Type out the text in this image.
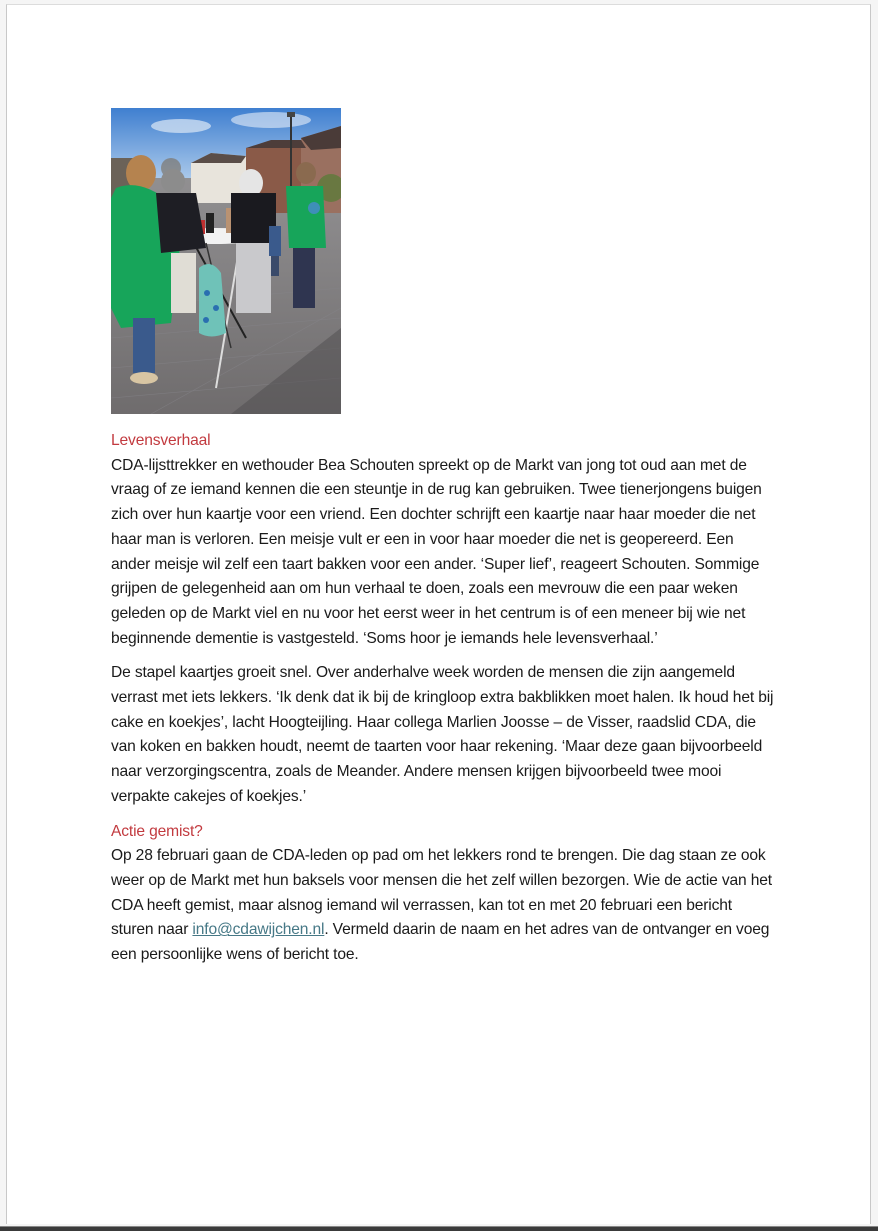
Levensverhaal

CDA-lijsttrekker en wethouder Bea Schouten spreekt op de Markt van jong tot oud aan met de vraag of ze iemand kennen die een steuntje in de rug kan gebruiken. Twee tienerjongens buigen zich over hun kaartje voor een vriend. Een dochter schrijft een kaartje naar haar moeder die net haar man is verloren. Een meisje vult er een in voor haar moeder die net is geopereerd. Een ander meisje wil zelf een taart bakken voor een ander. ‘Super lief’, reageert Schouten. Sommige grijpen de gelegenheid aan om hun verhaal te doen, zoals een mevrouw die een paar weken geleden op de Markt viel en nu voor het eerst weer in het centrum is of een meneer bij wie net beginnende dementie is vastgesteld. ‘Soms hoor je iemands hele levensverhaal.’

De stapel kaartjes groeit snel. Over anderhalve week worden de mensen die zijn aangemeld verrast met iets lekkers. ‘Ik denk dat ik bij de kringloop extra bakblikken moet halen. Ik houd het bij cake en koekjes’, lacht Hoogteijling. Haar collega Marlien Joosse – de Visser, raadslid CDA, die van koken en bakken houdt, neemt de taarten voor haar rekening. ‘Maar deze gaan bijvoorbeeld naar verzorgingscentra, zoals de Meander. Andere mensen krijgen bijvoorbeeld twee mooi verpakte cakejes of koekjes.’

Actie gemist?

Op 28 februari gaan de CDA-leden op pad om het lekkers rond te brengen. Die dag staan ze ook weer op de Markt met hun baksels voor mensen die het zelf willen bezorgen. Wie de actie van het CDA heeft gemist, maar alsnog iemand wil verrassen, kan tot en met 20 februari een bericht sturen naar info@cdawijchen.nl. Vermeld daarin de naam en het adres van de ontvanger en voeg een persoonlijke wens of bericht toe.
